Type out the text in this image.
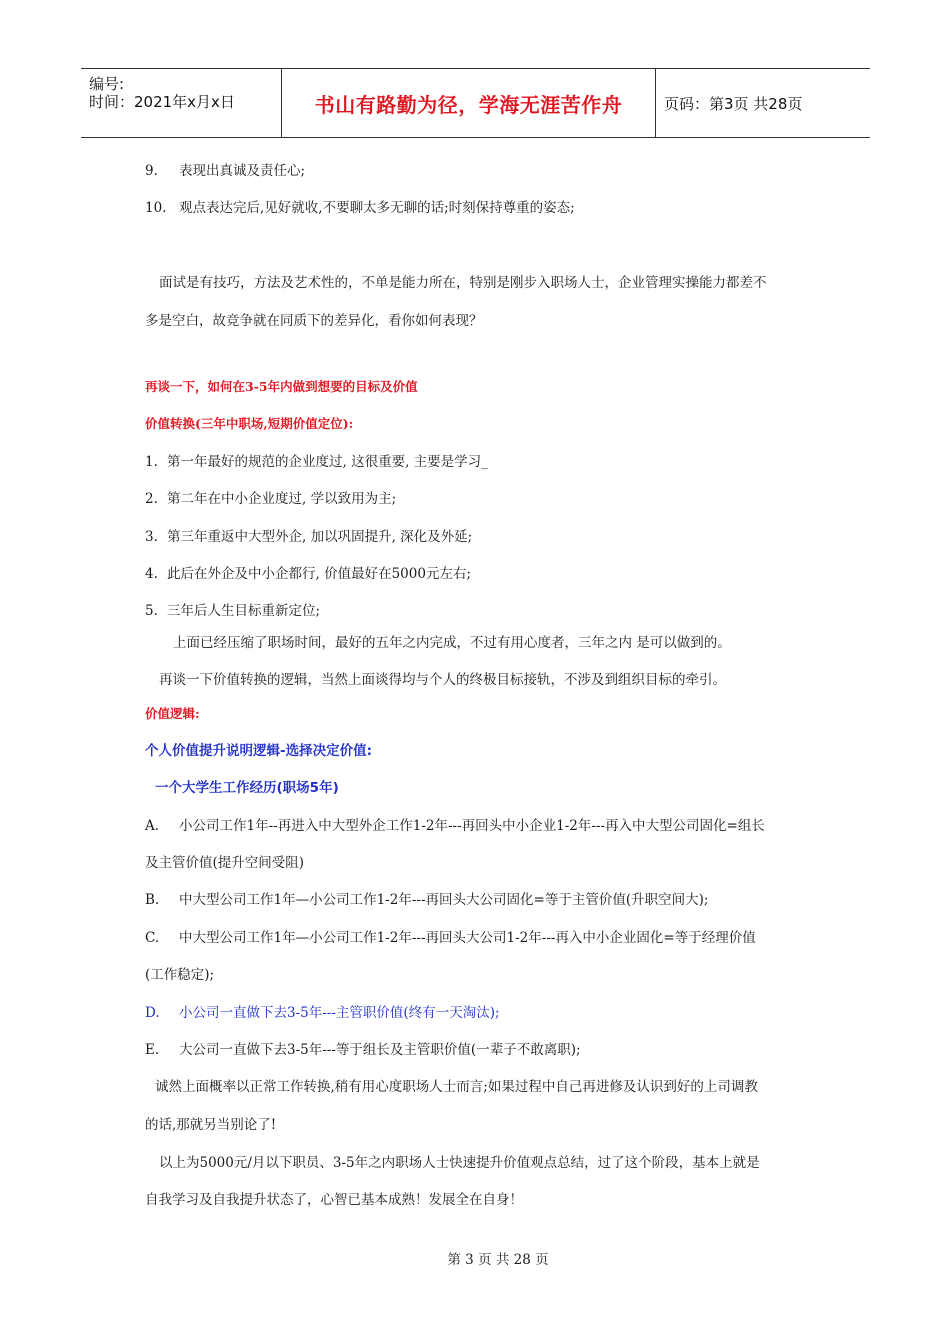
编号:
时间：2021年x月x日	书山有路勤为径，学海无涯苦作舟	页码：第3页 共28页
9. 表现出真诚及责任心;
10. 观点表达完后,见好就收,不要聊太多无聊的话;时刻保持尊重的姿态;
面试是有技巧，方法及艺术性的，不单是能力所在，特别是刚步入职场人士，企业管理实操能力都差不
多是空白，故竞争就在同质下的差异化，看你如何表现？
再谈一下，如何在3-5年内做到想要的目标及价值
价值转换(三年中职场,短期价值定位):
1. 第一年最好的规范的企业度过, 这很重要, 主要是学习_
2. 第二年在中小企业度过, 学以致用为主;
3. 第三年重返中大型外企, 加以巩固提升, 深化及外延;
4. 此后在外企及中小企都行, 价值最好在5000元左右;
5. 三年后人生目标重新定位;
上面已经压缩了职场时间，最好的五年之内完成，不过有用心度者，三年之内 是可以做到的。
再谈一下价值转换的逻辑，当然上面谈得均与个人的终极目标接轨，不涉及到组织目标的牵引。
价值逻辑:
个人价值提升说明逻辑-选择决定价值:
一个大学生工作经历(职场5年)
A. 小公司工作1年--再进入中大型外企工作1-2年---再回头中小企业1-2年---再入中大型公司固化=组长
及主管价值(提升空间受阻)
B. 中大型公司工作1年—小公司工作1-2年---再回头大公司固化=等于主管价值(升职空间大);
C. 中大型公司工作1年—小公司工作1-2年---再回头大公司1-2年---再入中小企业固化=等于经理价值
(工作稳定);
D. 小公司一直做下去3-5年---主管职价值(终有一天淘汰);
E. 大公司一直做下去3-5年---等于组长及主管职价值(一辈子不敢离职);
诚然上面概率以正常工作转换,稍有用心度职场人士而言;如果过程中自己再进修及认识到好的上司调教
的话,那就另当别论了!
以上为5000元/月以下职员、3-5年之内职场人士快速提升价值观点总结，过了这个阶段，基本上就是
自我学习及自我提升状态了，心智已基本成熟！发展全在自身！
第 3 页 共 28 页
